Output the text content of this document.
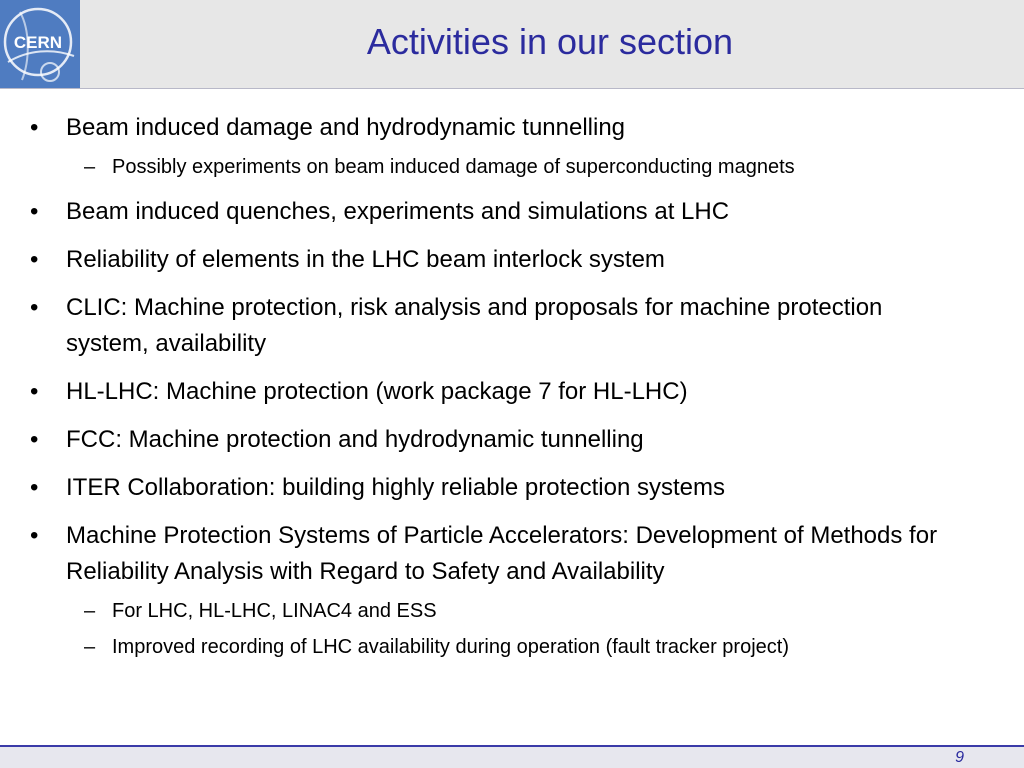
CERN	Activities in our section
• Beam induced damage and hydrodynamic tunnelling
– Possibly experiments on beam induced damage of superconducting magnets
• Beam induced quenches, experiments and simulations at LHC
• Reliability of elements in the LHC beam interlock system
• CLIC: Machine protection, risk analysis and proposals for machine protection system, availability
• HL-LHC: Machine protection (work package 7 for HL-LHC)
• FCC: Machine protection and hydrodynamic tunnelling
• ITER Collaboration: building highly reliable protection systems
• Machine Protection Systems of Particle Accelerators: Development of Methods for Reliability Analysis with Regard to Safety and Availability
– For LHC, HL-LHC, LINAC4 and ESS
– Improved recording of LHC availability during operation (fault tracker project)
9
